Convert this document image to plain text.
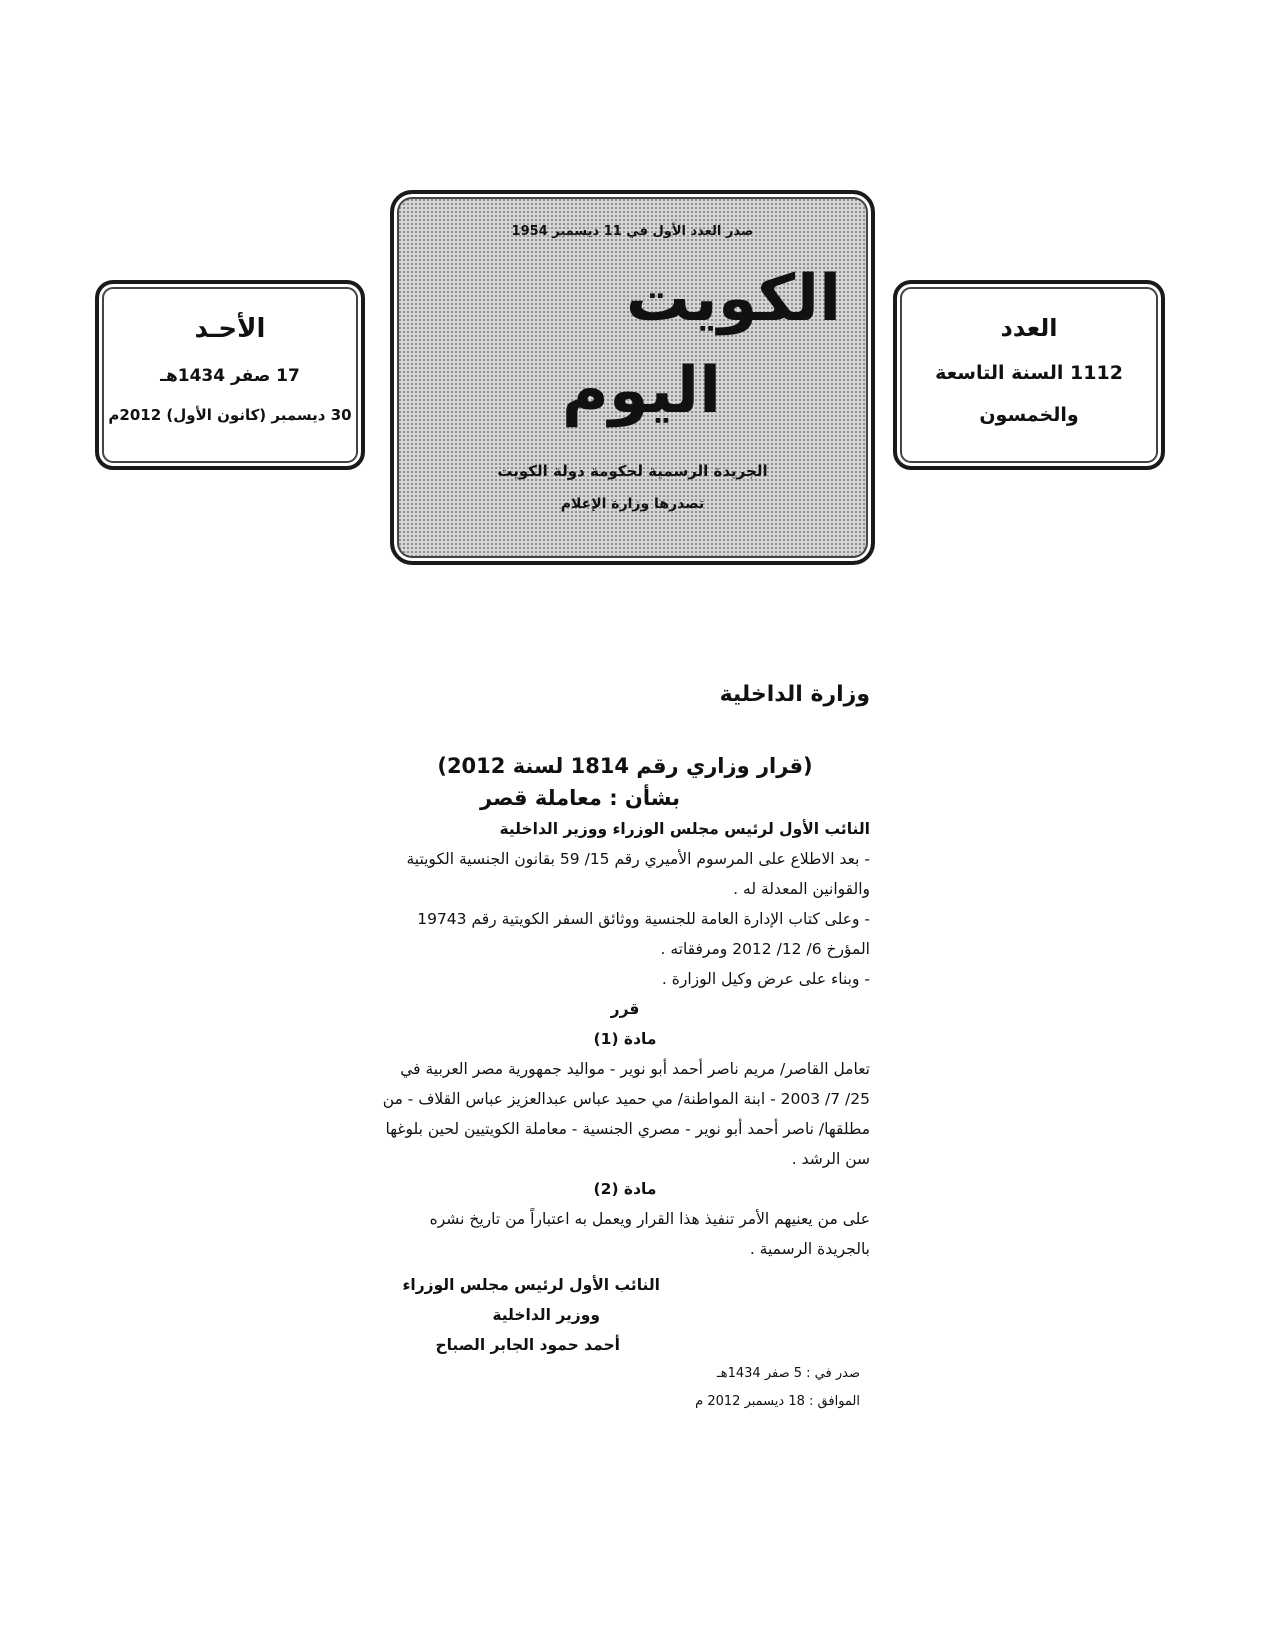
الأحـد
17 صفر 1434هـ
30 ديسمبر (كانون الأول) 2012م
صدر العدد الأول في 11 ديسمبر 1954
الكويت
اليوم
الجريدة الرسمية لحكومة دولة الكويت
تصدرها وزارة الإعلام
العدد
1112 السنة التاسعة
والخمسون

وزارة الداخلية

(قرار وزاري رقم 1814 لسنة 2012)

بشأن : معاملة قصر

النائب الأول لرئيس مجلس الوزراء ووزير الداخلية

- بعد الاطلاع على المرسوم الأميري رقم 15/ 59 بقانون الجنسية الكويتية والقوانين المعدلة له .

- وعلى كتاب الإدارة العامة للجنسية ووثائق السفر الكويتية رقم 19743 المؤرخ 6/ 12/ 2012 ومرفقاته .

- وبناء على عرض وكيل الوزارة .

قرر

مادة (1)

تعامل القاصر/ مريم ناصر أحمد أبو نوير - مواليد جمهورية مصر العربية في 25/ 7/ 2003 - ابنة المواطنة/ مي حميد عباس عبدالعزيز عباس القلاف - من مطلقها/ ناصر أحمد أبو نوير - مصري الجنسية - معاملة الكويتيين لحين بلوغها سن الرشد .

مادة (2)

على من يعنيهم الأمر تنفيذ هذا القرار ويعمل به اعتباراً من تاريخ نشره بالجريدة الرسمية .

النائب الأول لرئيس مجلس الوزراء

ووزير الداخلية

أحمد حمود الجابر الصباح

صدر في : 5 صفر 1434هـ

الموافق : 18 ديسمبر 2012 م
